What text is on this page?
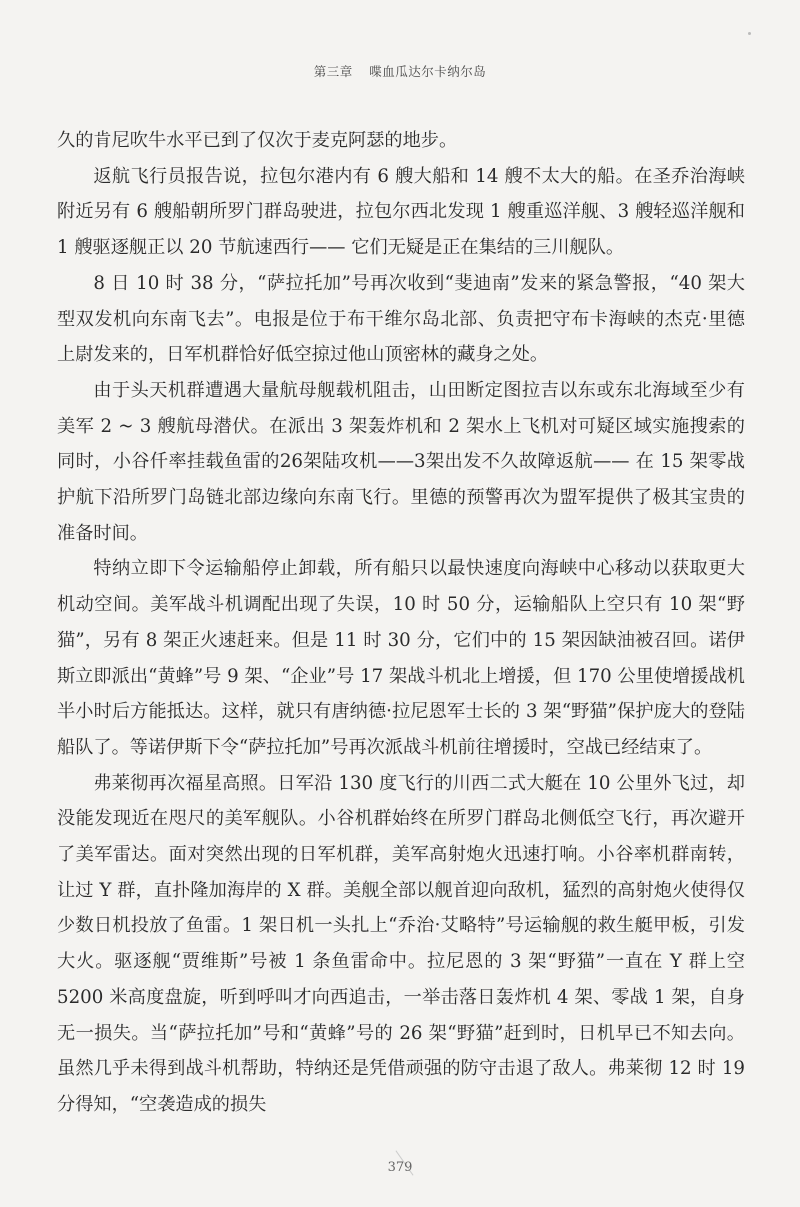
第三章 喋血瓜达尔卡纳尔岛

久的肯尼吹牛水平已到了仅次于麦克阿瑟的地步。

返航飞行员报告说，拉包尔港内有 6 艘大船和 14 艘不太大的船。在圣乔治海峡附近另有 6 艘船朝所罗门群岛驶进，拉包尔西北发现 1 艘重巡洋舰、3 艘轻巡洋舰和 1 艘驱逐舰正以 20 节航速西行—— 它们无疑是正在集结的三川舰队。

8 日 10 时 38 分，“萨拉托加”号再次收到“斐迪南”发来的紧急警报，“40 架大型双发机向东南飞去”。电报是位于布干维尔岛北部、负责把守布卡海峡的杰克·里德上尉发来的，日军机群恰好低空掠过他山顶密林的藏身之处。

由于头天机群遭遇大量航母舰载机阻击，山田断定图拉吉以东或东北海域至少有美军 2 ~ 3 艘航母潜伏。在派出 3 架轰炸机和 2 架水上飞机对可疑区域实施搜索的同时，小谷仟率挂载鱼雷的26架陆攻机——3架出发不久故障返航—— 在 15 架零战护航下沿所罗门岛链北部边缘向东南飞行。里德的预警再次为盟军提供了极其宝贵的准备时间。

特纳立即下令运输船停止卸载，所有船只以最快速度向海峡中心移动以获取更大机动空间。美军战斗机调配出现了失误，10 时 50 分，运输船队上空只有 10 架“野猫”，另有 8 架正火速赶来。但是 11 时 30 分，它们中的 15 架因缺油被召回。诺伊斯立即派出“黄蜂”号 9 架、“企业”号 17 架战斗机北上增援，但 170 公里使增援战机半小时后方能抵达。这样，就只有唐纳德·拉尼恩军士长的 3 架“野猫”保护庞大的登陆船队了。等诺伊斯下令“萨拉托加”号再次派战斗机前往增援时，空战已经结束了。

弗莱彻再次福星高照。日军沿 130 度飞行的川西二式大艇在 10 公里外飞过，却没能发现近在咫尺的美军舰队。小谷机群始终在所罗门群岛北侧低空飞行，再次避开了美军雷达。面对突然出现的日军机群，美军高射炮火迅速打响。小谷率机群南转，让过 Y 群，直扑隆加海岸的 X 群。美舰全部以舰首迎向敌机，猛烈的高射炮火使得仅少数日机投放了鱼雷。1 架日机一头扎上“乔治·艾略特”号运输舰的救生艇甲板，引发大火。驱逐舰“贾维斯”号被 1 条鱼雷命中。拉尼恩的 3 架“野猫”一直在 Y 群上空 5200 米高度盘旋，听到呼叫才向西追击，一举击落日轰炸机 4 架、零战 1 架，自身无一损失。当“萨拉托加”号和“黄蜂”号的 26 架“野猫”赶到时，日机早已不知去向。虽然几乎未得到战斗机帮助，特纳还是凭借顽强的防守击退了敌人。弗莱彻 12 时 19 分得知，“空袭造成的损失

379
